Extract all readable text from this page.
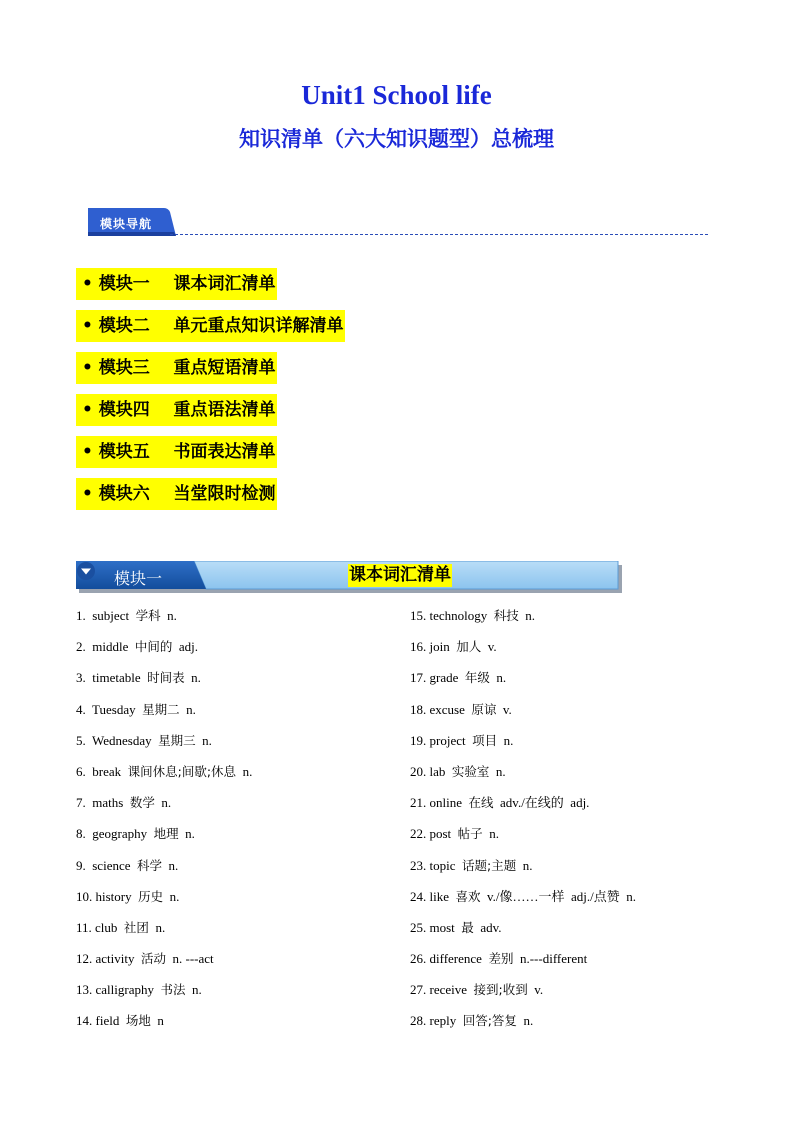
Unit1 School life
知识清单（六大知识题型）总梳理
模块导航
• 模块一 课本词汇清单
• 模块二 单元重点知识详解清单
• 模块三 重点短语清单
• 模块四 重点语法清单
• 模块五 书面表达清单
• 模块六 当堂限时检测
模块一	课本词汇清单
1. subject 学科 n.
2. middle 中间的 adj.
3. timetable 时间表 n.
4. Tuesday 星期二 n.
5. Wednesday 星期三 n.
6. break 课间休息;间歇;休息 n.
7. maths 数学 n.
8. geography 地理 n.
9. science 科学 n.
10. history 历史 n.
11. club 社团 n.
12. activity 活动 n. ---act
13. calligraphy 书法 n.
14. field 场地 n
15. technology 科技 n.
16. join 加人 v.
17. grade 年级 n.
18. excuse 原谅 v.
19. project 项目 n.
20. lab 实验室 n.
21. online 在线 adv./在线的  adj.
22. post 帖子 n.
23. topic 话题;主题 n.
24. like 喜欢 v./像……一样  adj./点赞  n.
25. most 最 adv.
26. difference 差别 n.---different
27. receive 接到;收到 v.
28. reply 回答;答复 n.
